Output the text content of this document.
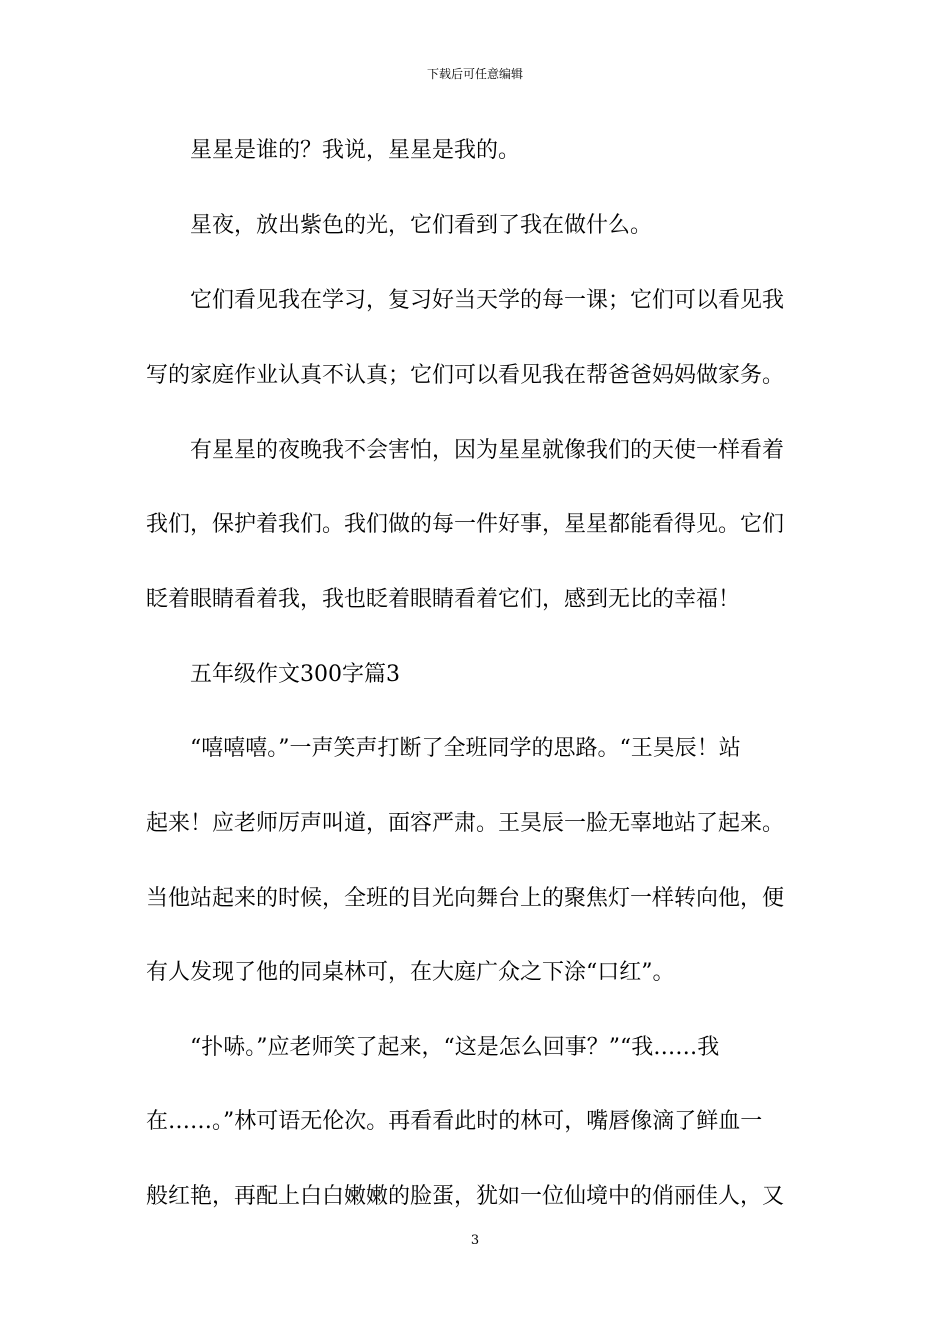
下载后可任意编辑
星星是谁的？我说，星星是我的。
星夜，放出紫色的光，它们看到了我在做什么。
它们看见我在学习，复习好当天学的每一课；它们可以看见我
写的家庭作业认真不认真；它们可以看见我在帮爸爸妈妈做家务。
有星星的夜晚我不会害怕，因为星星就像我们的天使一样看着
我们，保护着我们。我们做的每一件好事，星星都能看得见。它们
眨着眼睛看着我，我也眨着眼睛看着它们，感到无比的幸福！
五年级作文300字篇3
“嘻嘻嘻。”一声笑声打断了全班同学的思路。“王昊辰！站
起来！应老师厉声叫道，面容严肃。王昊辰一脸无辜地站了起来。
当他站起来的时候，全班的目光向舞台上的聚焦灯一样转向他，便
有人发现了他的同桌林可，在大庭广众之下涂“口红”。
“扑哧。”应老师笑了起来，“这是怎么回事？”“我……我
在……。”林可语无伦次。再看看此时的林可，嘴唇像滴了鲜血一
般红艳，再配上白白嫩嫩的脸蛋，犹如一位仙境中的俏丽佳人，又
3
